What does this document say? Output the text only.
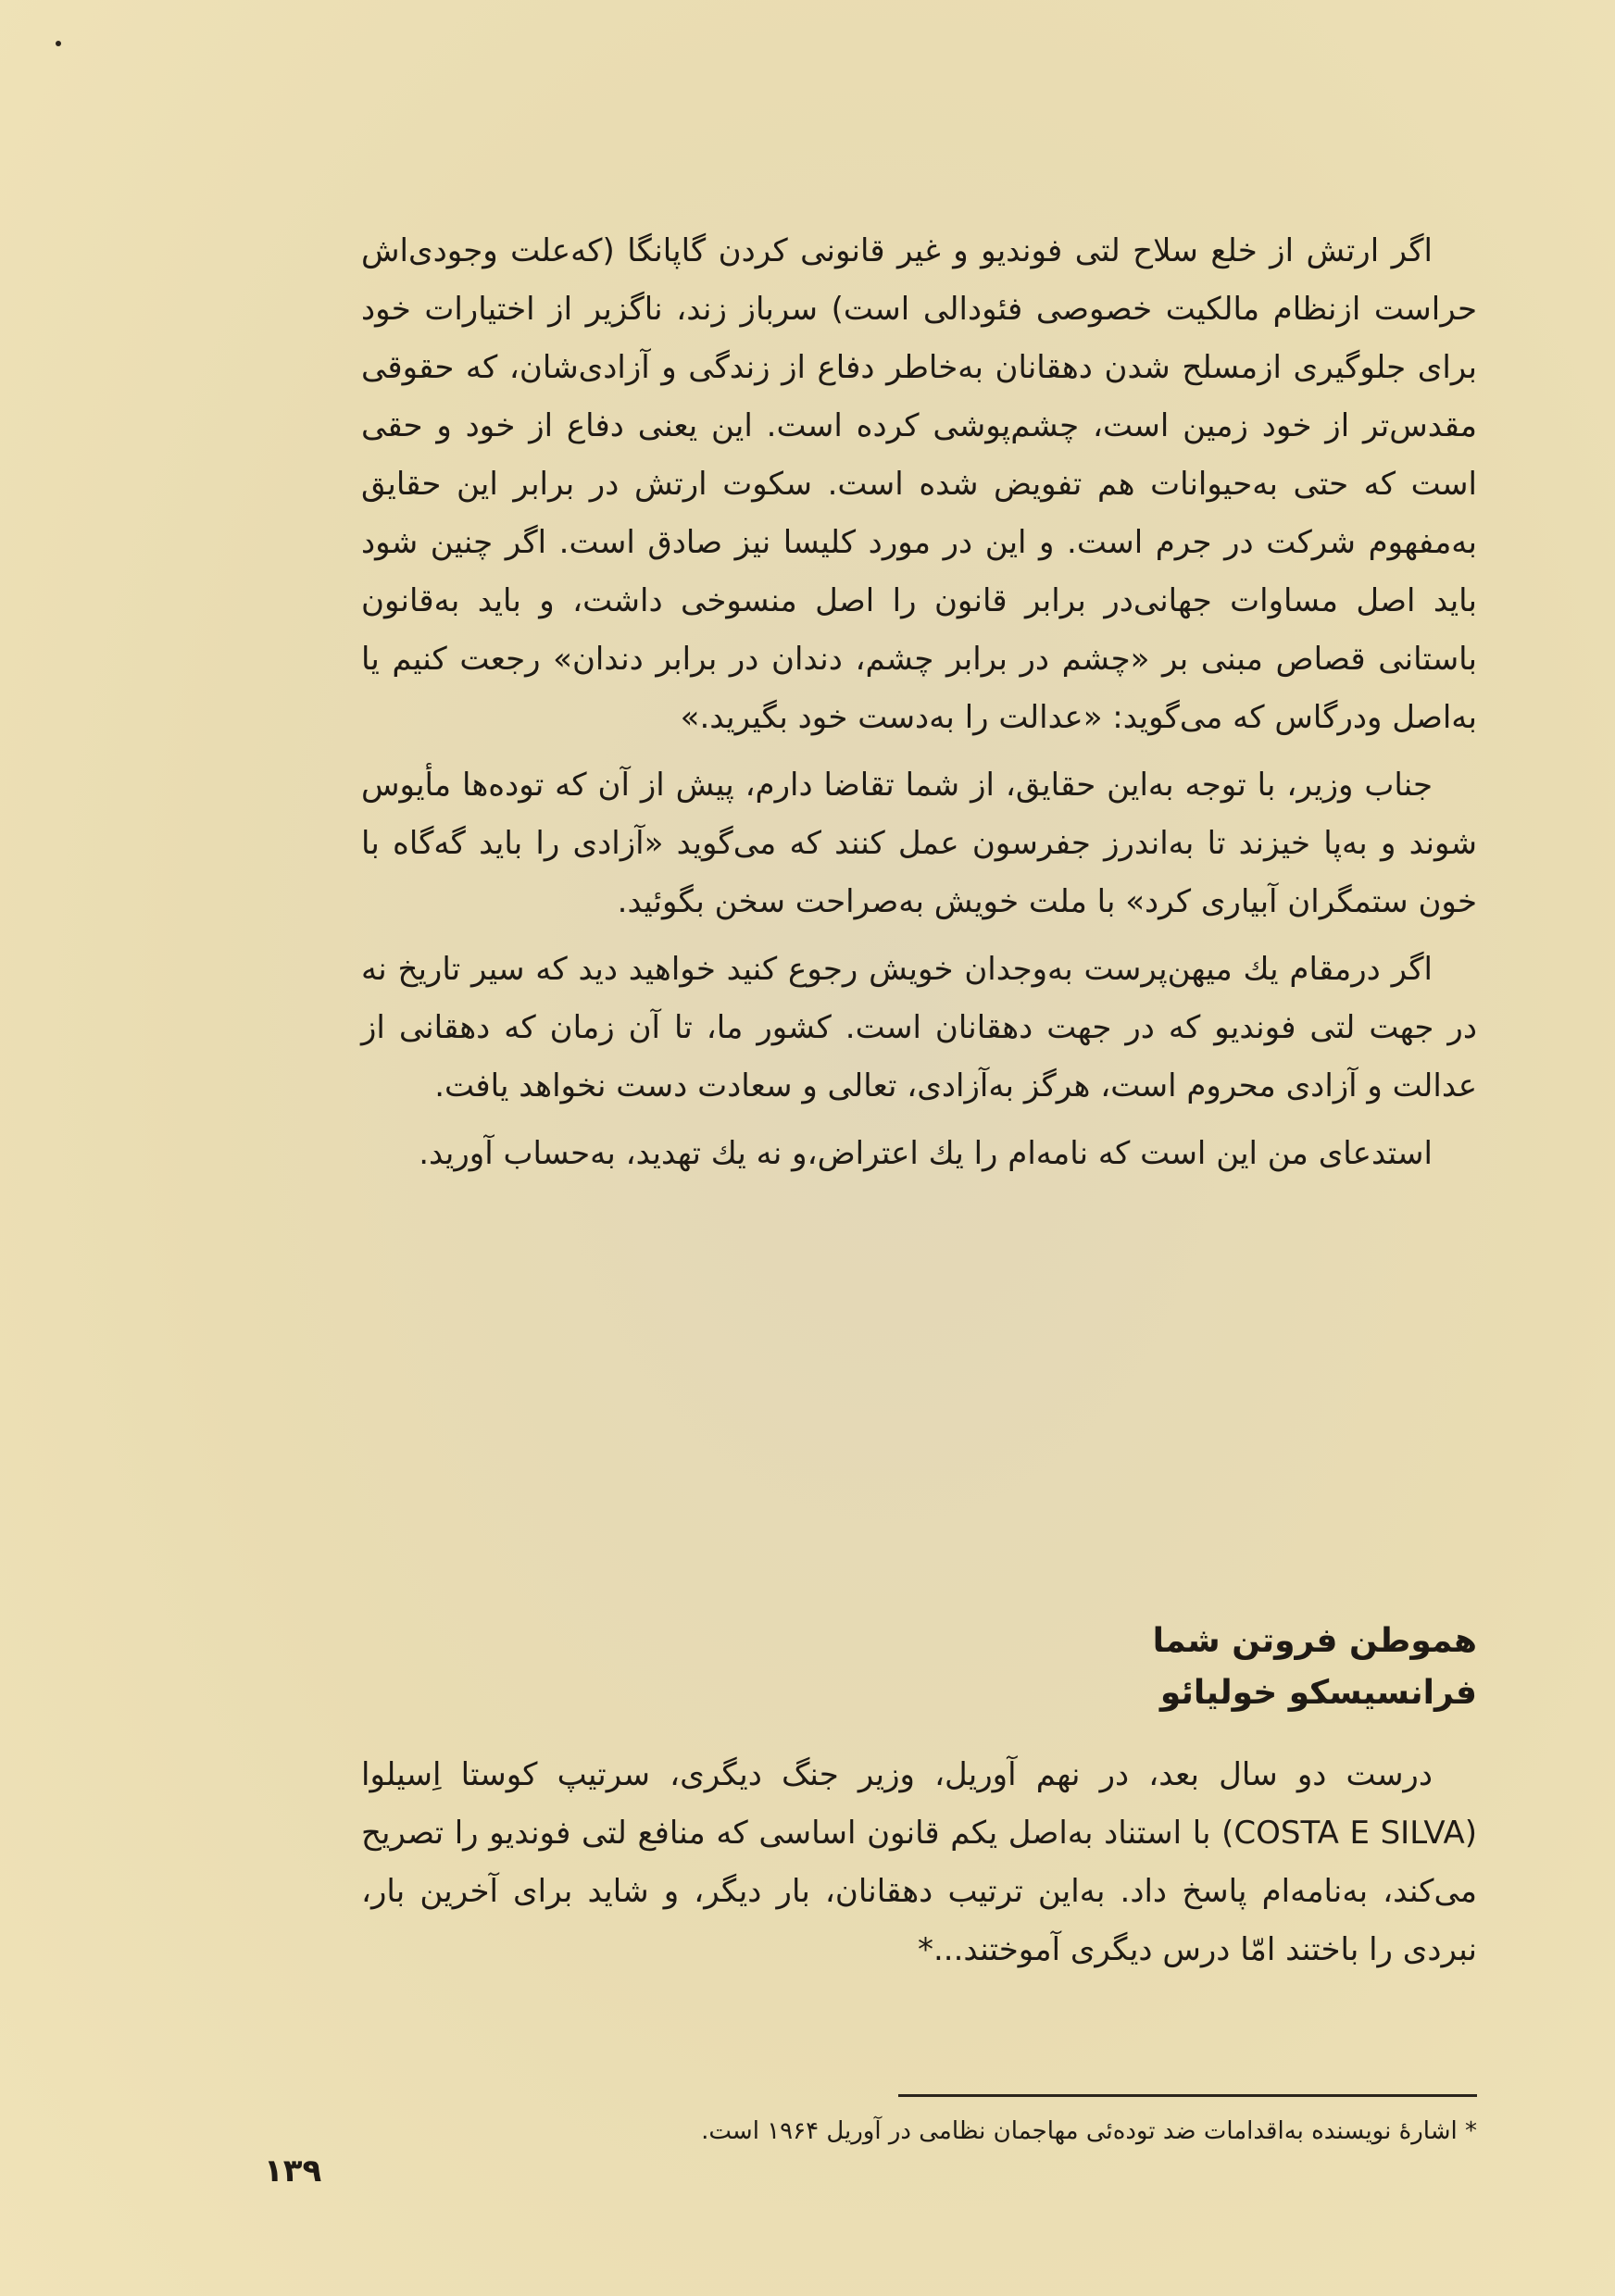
اگر ارتش از خلع سلاح لتی فوندیو و غیر قانونی کردن گاپانگا (که‌علت وجودی‌اش حراست ازنظام مالکیت خصوصی فئودالی است) سرباز زند، ناگزیر از اختیارات خود برای جلوگیری ازمسلح شدن دهقانان به‌خاطر دفاع از زندگی و آزادی‌شان، که حقوقی مقدس‌تر از خود زمین است، چشم‌پوشی کرده است. این یعنی دفاع از خود و حقی است که حتی به‌حیوانات هم تفویض شده است. سکوت ارتش در برابر این حقایق به‌مفهوم شرکت در جرم است. و این در مورد کلیسا نیز صادق است. اگر چنین شود باید اصل مساوات جهانی‌در برابر قانون را اصل منسوخی داشت، و باید به‌قانون باستانی قصاص مبنی بر «چشم در برابر چشم، دندان در برابر دندان» رجعت کنیم یا به‌اصل ودرگاس که می‌گوید: «عدالت را به‌دست خود بگیرید.»

جناب وزیر، با توجه به‌این حقایق، از شما تقاضا دارم، پیش از آن که توده‌ها مأیوس شوند و به‌پا خیزند تا به‌اندرز جفرسون عمل کنند که می‌گوید «آزادی را باید گه‌گاه با خون ستمگران آبیاری کرد» با ملت خویش به‌صراحت سخن بگوئید.

اگر درمقام یك میهن‌پرست به‌وجدان خویش رجوع کنید خواهید دید که سیر تاریخ نه در جهت لتی فوندیو که در جهت دهقانان است. کشور ما، تا آن زمان که دهقانی از عدالت و آزادی محروم است، هرگز به‌آزادی، تعالی و سعادت دست نخواهد یافت.

استدعای من این است که نامه‌ام را یك اعتراض،و نه یك تهدید، به‌حساب آورید.

هموطن فروتن شما

فرانسیسکو خولیائو

درست دو سال بعد، در نهم آوریل، وزیر جنگ دیگری، سرتیپ کوستا اِسیلوا (COSTA E SILVA) با استناد به‌اصل یکم قانون اساسی که منافع لتی فوندیو را تصریح می‌کند، به‌نامه‌ام پاسخ داد. به‌این ترتیب دهقانان، بار دیگر، و شاید برای آخرین بار، نبردی را باختند امّا درس دیگری آموختند...*

* اشارهٔ نویسنده به‌اقدامات ضد توده‌ئی مهاجمان نظامی در آوریل ۱۹۶۴ است.
۱۳۹
